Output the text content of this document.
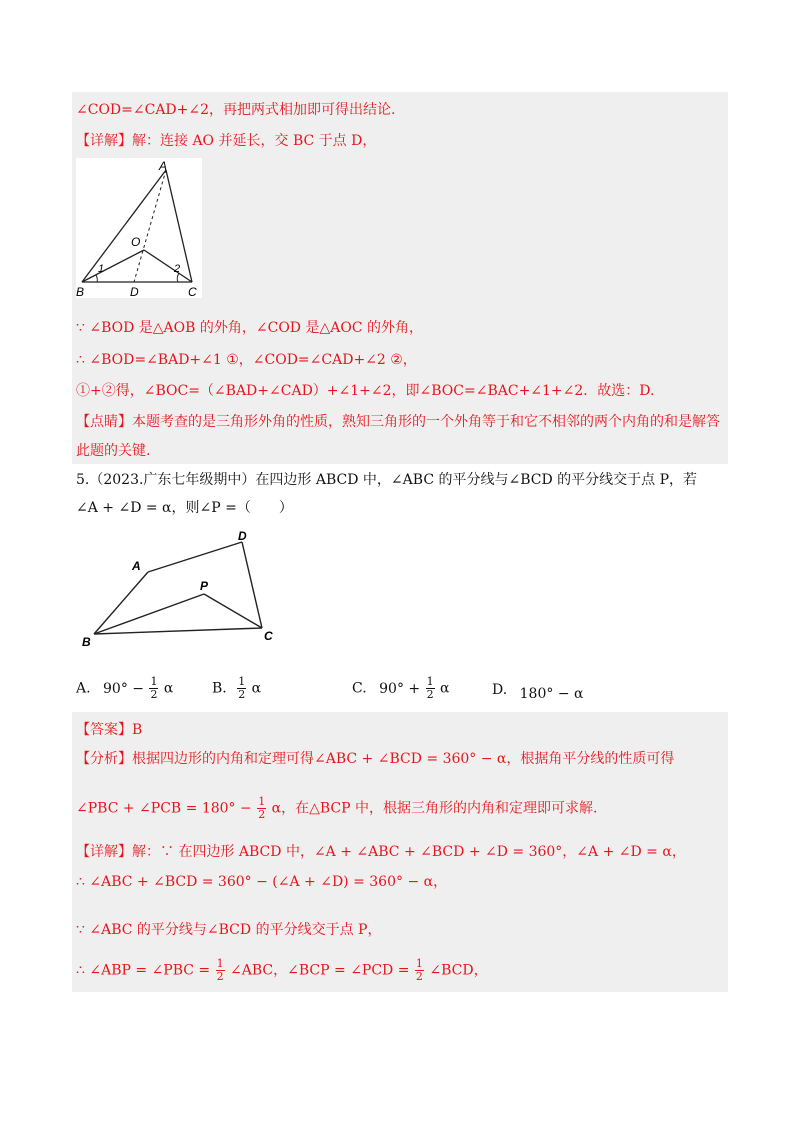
∠COD=∠CAD+∠2，再把两式相加即可得出结论.
【详解】解：连接 AO 并延长，交 BC 于点 D，
A
O
1	2
B	D	C
∵ ∠BOD 是△AOB 的外角，∠COD 是△AOC 的外角，
∴ ∠BOD=∠BAD+∠1 ①，∠COD=∠CAD+∠2 ②，
①+②得，∠BOC=（∠BAD+∠CAD）+∠1+∠2，即∠BOC=∠BAC+∠1+∠2．故选：D.
【点睛】本题考查的是三角形外角的性质，熟知三角形的一个外角等于和它不相邻的两个内角的和是解答
此题的关键.
5.（2023.广东七年级期中）在四边形 ABCD 中，∠ABC 的平分线与∠BCD 的平分线交于点 P，若
∠A + ∠D = α，则∠P =（　　）
A
D
P
B	C
A. $90^\circ - \frac{1}{2}$ α	B. $\frac{1}{2}$ α	C. $90^\circ + \frac{1}{2}$ α	D. 180° − α
【答案】B
【分析】根据四边形的内角和定理可得∠ABC + ∠BCD = 360° − α，根据角平分线的性质可得
∠PBC + ∠PCB = $180^\circ - \frac{1}{2}$ α，在△BCP 中，根据三角形的内角和定理即可求解.
【详解】解：∵ 在四边形 ABCD 中，∠A + ∠ABC + ∠BCD + ∠D = 360°，∠A + ∠D = α，
∴ ∠ABC + ∠BCD = 360° − (∠A + ∠D) = 360° − α，
∵ ∠ABC 的平分线与∠BCD 的平分线交于点 P，
∴ ∠ABP = ∠PBC = $\frac{1}{2}$ ∠ABC，∠BCP = ∠PCD = $\frac{1}{2}$ ∠BCD，
